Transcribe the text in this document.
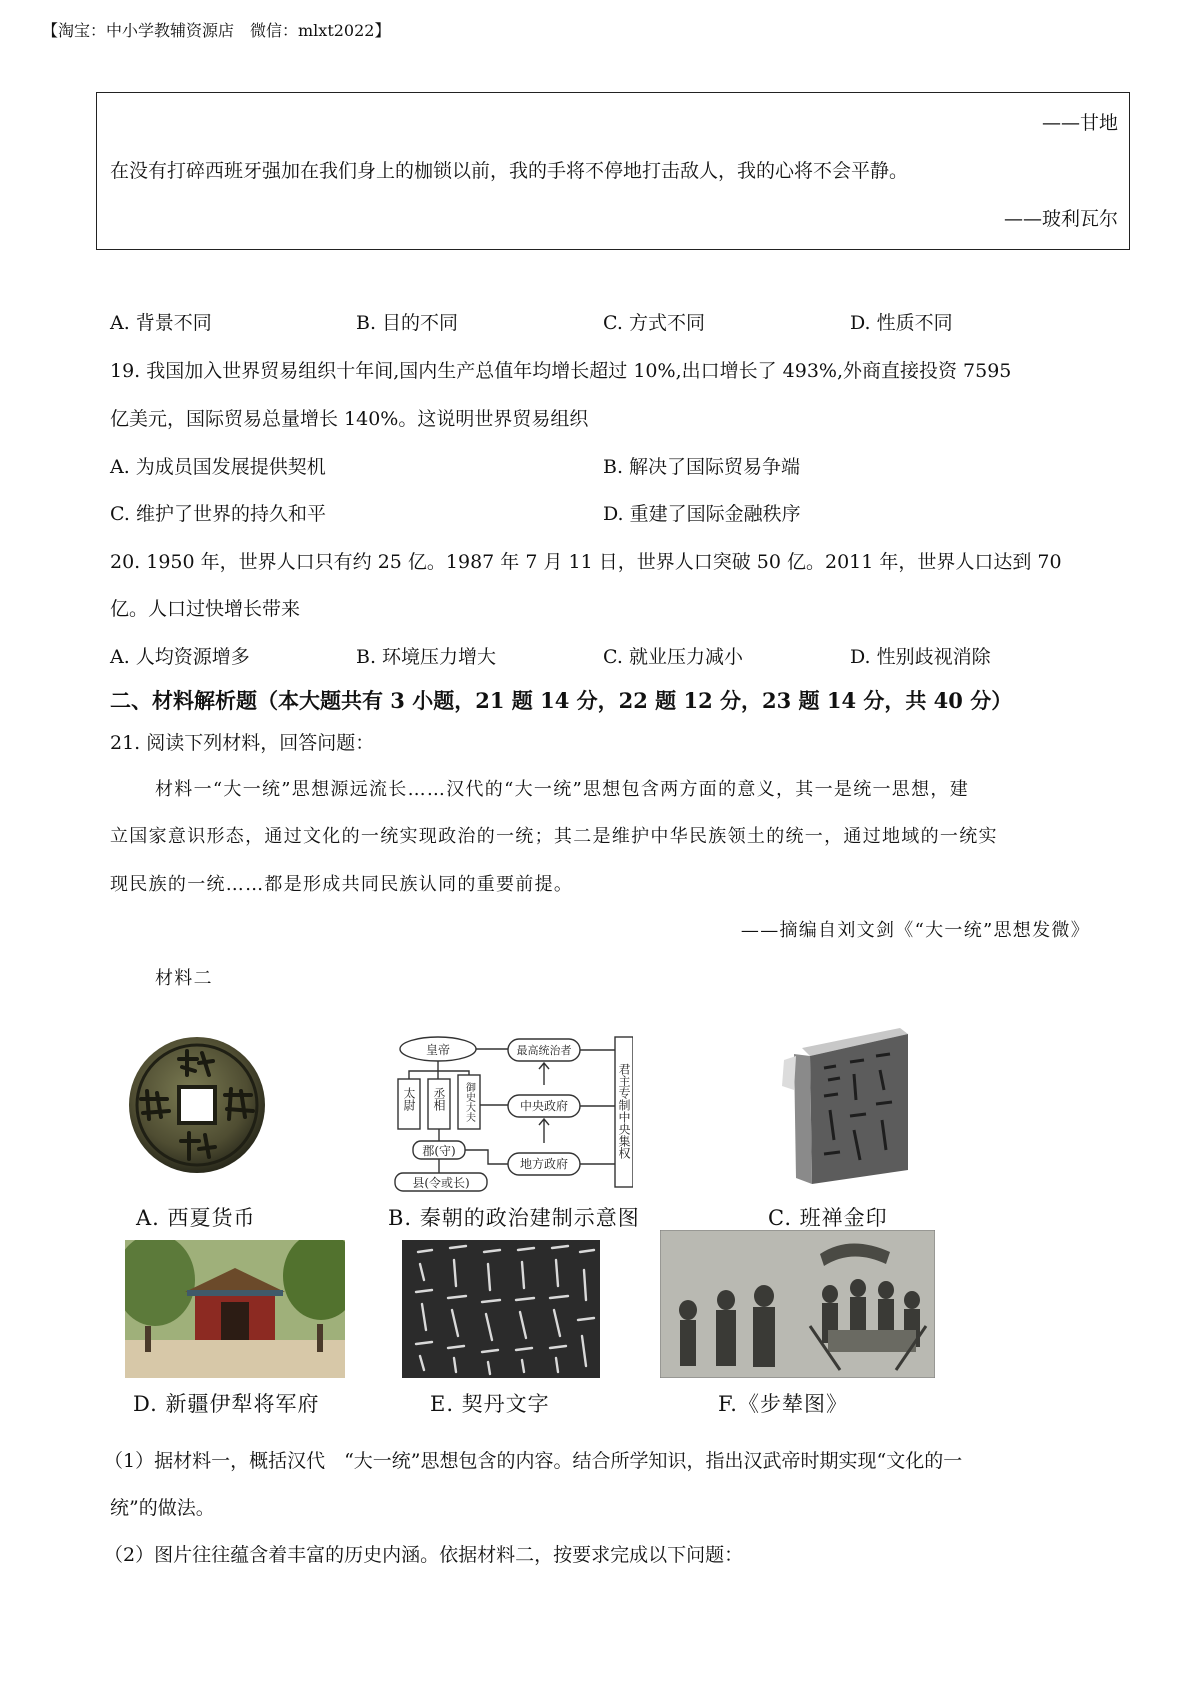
【淘宝：中小学教辅资源店　微信：mlxt2022】
——甘地
在没有打碎西班牙强加在我们身上的枷锁以前，我的手将不停地打击敌人，我的心将不会平静。
——玻利瓦尔
A. 背景不同	B. 目的不同	C. 方式不同	D. 性质不同
19. 我国加入世界贸易组织十年间,国内生产总值年均增长超过 10%,出口增长了 493%,外商直接投资 7595
亿美元，国际贸易总量增长 140%。这说明世界贸易组织
A. 为成员国发展提供契机	B. 解决了国际贸易争端
C. 维护了世界的持久和平	D. 重建了国际金融秩序
20. 1950 年，世界人口只有约 25 亿。1987 年 7 月 11 日，世界人口突破 50 亿。2011 年，世界人口达到 70
亿。人口过快增长带来
A. 人均资源增多	B. 环境压力增大	C. 就业压力减小	D. 性别歧视消除
二、材料解析题（本大题共有 3 小题，21 题 14 分，22 题 12 分，23 题 14 分，共 40 分）
21. 阅读下列材料，回答问题：
材料一“大一统”思想源远流长……汉代的“大一统”思想包含两方面的意义，其一是统一思想，建
立国家意识形态，通过文化的一统实现政治的一统；其二是维护中华民族领土的统一，通过地域的一统实
现民族的一统……都是形成共同民族认同的重要前提。
——摘编自刘文剑《“大一统”思想发微》
材料二
A. 西夏货币
皇帝	最高统治者
太尉 丞相 御史大夫	中央政府
郡(守)
地方政府
县(令或长)
君主专制中央集权
B. 秦朝的政治建制示意图	C. 班禅金印
D. 新疆伊犁将军府	E. 契丹文字	F.《步辇图》
（1）据材料一，概括汉代　“大一统”思想包含的内容。结合所学知识，指出汉武帝时期实现“文化的一
统”的做法。
（2）图片往往蕴含着丰富的历史内涵。依据材料二，按要求完成以下问题：
